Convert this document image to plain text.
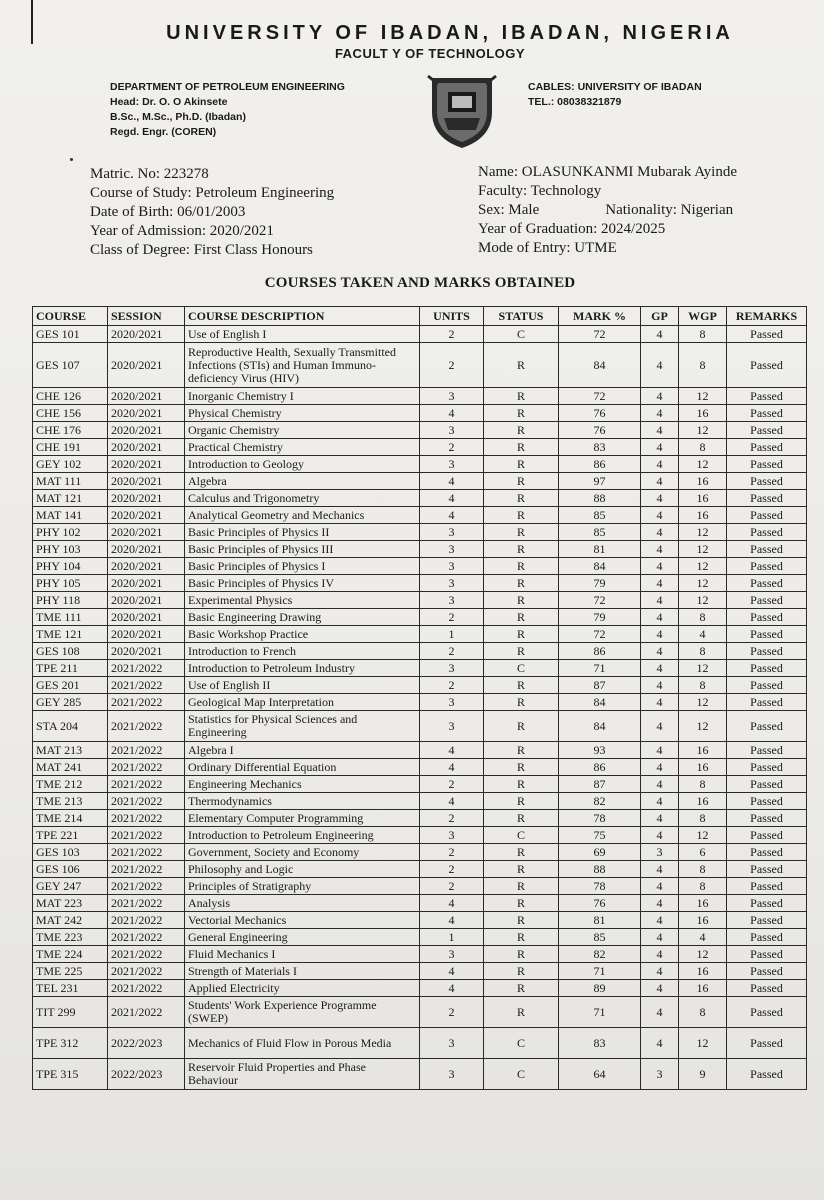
UNIVERSITY OF IBADAN, IBADAN, NIGERIA
FACULT Y OF TECHNOLOGY
DEPARTMENT OF PETROLEUM ENGINEERING
Head: Dr. O. O Akinsete
B.Sc., M.Sc., Ph.D. (Ibadan)
Regd. Engr. (COREN)
CABLES: UNIVERSITY OF IBADAN
TEL.: 08038321879
Matric. No: 223278
Course of Study: Petroleum Engineering
Date of Birth: 06/01/2003
Year of Admission: 2020/2021
Class of Degree: First Class Honours
Name: OLASUNKANMI Mubarak Ayinde
Faculty: Technology
Sex: Male	Nationality: Nigerian
Year of Graduation: 2024/2025
Mode of Entry: UTME
COURSES TAKEN AND MARKS OBTAINED
COURSE	SESSION	COURSE DESCRIPTION	UNITS	STATUS	MARK %	GP	WGP	REMARKS
GES 101	2020/2021	Use of English I	2	C	72	4	8	Passed
GES 107	2020/2021	Reproductive Health, Sexually Transmitted Infections (STIs) and Human Immuno-deficiency Virus (HIV)	2	R	84	4	8	Passed
CHE 126	2020/2021	Inorganic Chemistry I	3	R	72	4	12	Passed
CHE 156	2020/2021	Physical Chemistry	4	R	76	4	16	Passed
CHE 176	2020/2021	Organic Chemistry	3	R	76	4	12	Passed
CHE 191	2020/2021	Practical Chemistry	2	R	83	4	8	Passed
GEY 102	2020/2021	Introduction to Geology	3	R	86	4	12	Passed
MAT 111	2020/2021	Algebra	4	R	97	4	16	Passed
MAT 121	2020/2021	Calculus and Trigonometry	4	R	88	4	16	Passed
MAT 141	2020/2021	Analytical Geometry and Mechanics	4	R	85	4	16	Passed
PHY 102	2020/2021	Basic Principles of Physics II	3	R	85	4	12	Passed
PHY 103	2020/2021	Basic Principles of Physics III	3	R	81	4	12	Passed
PHY 104	2020/2021	Basic Principles of Physics I	3	R	84	4	12	Passed
PHY 105	2020/2021	Basic Principles of Physics IV	3	R	79	4	12	Passed
PHY 118	2020/2021	Experimental Physics	3	R	72	4	12	Passed
TME 111	2020/2021	Basic Engineering Drawing	2	R	79	4	8	Passed
TME 121	2020/2021	Basic Workshop Practice	1	R	72	4	4	Passed
GES 108	2020/2021	Introduction to French	2	R	86	4	8	Passed
TPE 211	2021/2022	Introduction to Petroleum Industry	3	C	71	4	12	Passed
GES 201	2021/2022	Use of English II	2	R	87	4	8	Passed
GEY 285	2021/2022	Geological Map Interpretation	3	R	84	4	12	Passed
STA 204	2021/2022	Statistics for Physical Sciences and Engineering	3	R	84	4	12	Passed
MAT 213	2021/2022	Algebra I	4	R	93	4	16	Passed
MAT 241	2021/2022	Ordinary Differential Equation	4	R	86	4	16	Passed
TME 212	2021/2022	Engineering Mechanics	2	R	87	4	8	Passed
TME 213	2021/2022	Thermodynamics	4	R	82	4	16	Passed
TME 214	2021/2022	Elementary Computer Programming	2	R	78	4	8	Passed
TPE 221	2021/2022	Introduction to Petroleum Engineering	3	C	75	4	12	Passed
GES 103	2021/2022	Government, Society and Economy	2	R	69	3	6	Passed
GES 106	2021/2022	Philosophy and Logic	2	R	88	4	8	Passed
GEY 247	2021/2022	Principles of Stratigraphy	2	R	78	4	8	Passed
MAT 223	2021/2022	Analysis	4	R	76	4	16	Passed
MAT 242	2021/2022	Vectorial Mechanics	4	R	81	4	16	Passed
TME 223	2021/2022	General Engineering	1	R	85	4	4	Passed
TME 224	2021/2022	Fluid Mechanics I	3	R	82	4	12	Passed
TME 225	2021/2022	Strength of Materials I	4	R	71	4	16	Passed
TEL 231	2021/2022	Applied Electricity	4	R	89	4	16	Passed
TIT 299	2021/2022	Students' Work Experience Programme (SWEP)	2	R	71	4	8	Passed
TPE 312	2022/2023	Mechanics of Fluid Flow in Porous Media	3	C	83	4	12	Passed
TPE 315	2022/2023	Reservoir Fluid Properties and Phase Behaviour	3	C	64	3	9	Passed
